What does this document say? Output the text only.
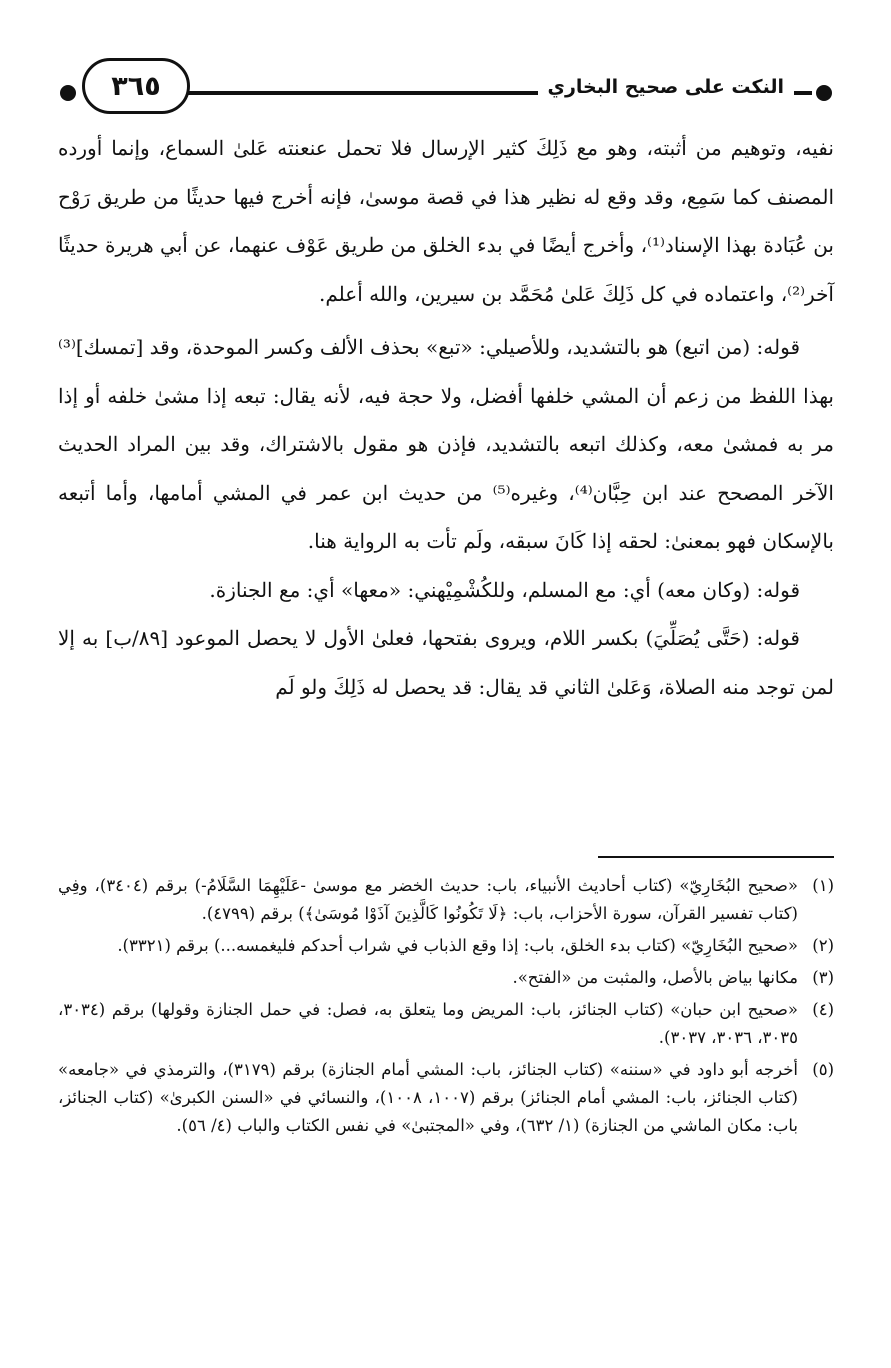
٣٦٥	النكت على صحيح البخاري

نفيه، وتوهيم من أثبته، وهو مع ذَلِكَ كثير الإرسال فلا تحمل عنعنته عَلىٰ السماع، وإنما أورده المصنف كما سَمِع، وقد وقع له نظير هذا في قصة موسىٰ، فإنه أخرج فيها حديثًا من طريق رَوْح بن عُبَادة بهذا الإسناد⁽¹⁾، وأخرج أيضًا في بدء الخلق من طريق عَوْف عنهما، عن أبي هريرة حديثًا آخر⁽²⁾، واعتماده في كل ذَلِكَ عَلىٰ مُحَمَّد بن سيرين، والله أعلم.

قوله: (من اتبع) هو بالتشديد، وللأصيلي: «تبع» بحذف الألف وكسر الموحدة، وقد [تمسك]⁽³⁾ بهذا اللفظ من زعم أن المشي خلفها أفضل، ولا حجة فيه، لأنه يقال: تبعه إذا مشىٰ خلفه أو إذا مر به فمشىٰ معه، وكذلك اتبعه بالتشديد، فإذن هو مقول بالاشتراك، وقد بين المراد الحديث الآخر المصحح عند ابن حِبَّان⁽⁴⁾، وغيره⁽⁵⁾ من حديث ابن عمر في المشي أمامها، وأما أتبعه بالإسكان فهو بمعنىٰ: لحقه إذا كَانَ سبقه، ولَم تأت به الرواية هنا.

قوله: (وكان معه) أي: مع المسلم، وللكُشْمِيْهني: «معها» أي: مع الجنازة.

قوله: (حَتَّى يُصَلِّيَ) بكسر اللام، ويروى بفتحها، فعلىٰ الأول لا يحصل الموعود [٨٩/ب] به إلا لمن توجد منه الصلاة، وَعَلىٰ الثاني قد يقال: قد يحصل له ذَلِكَ ولو لَم

(١)
«صحيح البُخَارِيّ» (كتاب أحاديث الأنبياء، باب: حديث الخضر مع موسىٰ -عَلَيْهِمَا السَّلَامُ-) برقم (٣٤٠٤)، وفِي (كتاب تفسير القرآن، سورة الأحزاب، باب: ﴿لَا تَكُونُوا كَالَّذِينَ آذَوْا مُوسَىٰ﴾) برقم (٤٧٩٩).
(٢)
«صحيح البُخَارِيّ» (كتاب بدء الخلق، باب: إذا وقع الذباب في شراب أحدكم فليغمسه...) برقم (٣٣٢١).
(٣)
مكانها بياض بالأصل، والمثبت من «الفتح».
(٤)
«صحيح ابن حبان» (كتاب الجنائز، باب: المريض وما يتعلق به، فصل: في حمل الجنازة وقولها) برقم (٣٠٣٤، ٣٠٣٥، ٣٠٣٦، ٣٠٣٧).
(٥)
أخرجه أبو داود في «سننه» (كتاب الجنائز، باب: المشي أمام الجنازة) برقم (٣١٧٩)، والترمذي في «جامعه» (كتاب الجنائز، باب: المشي أمام الجنائز) برقم (١٠٠٧، ١٠٠٨)، والنسائي في «السنن الكبرىٰ» (كتاب الجنائز، باب: مكان الماشي من الجنازة) (١/ ٦٣٢)، وفي «المجتبىٰ» في نفس الكتاب والباب (٤/ ٥٦).
